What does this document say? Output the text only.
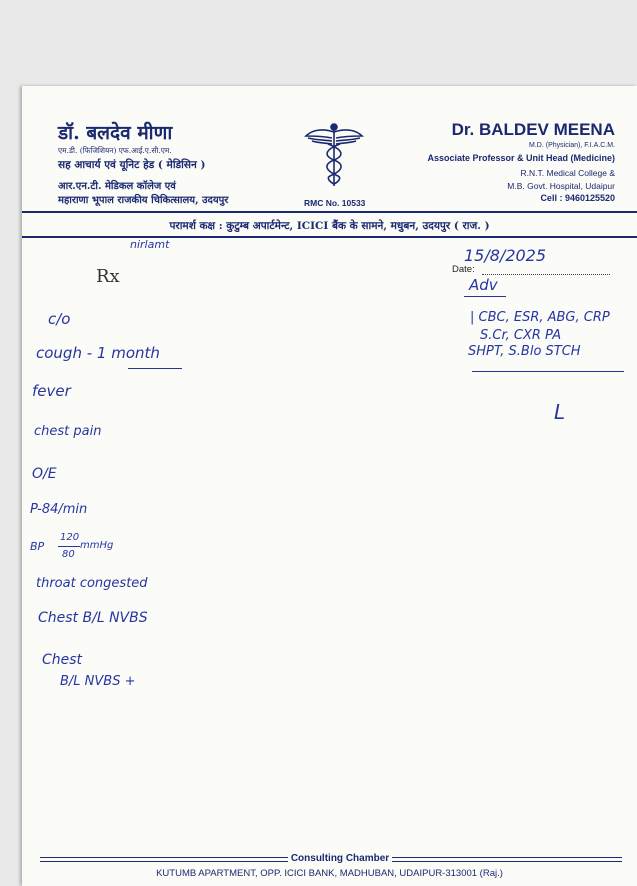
डॉ. बलदेव मीणा
एम.डी. (फिजिशियन) एफ.आई.ए.सी.एम.
सह आचार्य एवं यूनिट हेड ( मेडिसिन )
आर.एन.टी. मेडिकल कॉलेज एवं
महाराणा भूपाल राजकीय चिकित्सालय, उदयपुर	RMC No. 10533
Dr. BALDEV MEENA
M.D. (Physician), F.I.A.C.M.
Associate Professor & Unit Head (Medicine)
R.N.T. Medical College &
M.B. Govt. Hospital, Udaipur
Cell : 9460125520
परामर्श कक्ष : कुटुम्ब अपार्टमेन्ट, ICICI बैंक के सामने, मधुबन, उदयपुर ( राज. )
Rx	Date:
nirlamt
15/8/2025
Adv
| CBC, ESR, ABG, CRP
S.Cr, CXR PA
SHPT, S.Blo STCH
L
c/o
cough - 1 month
fever
chest pain
O/E
P-84/min
BP
120
80
mmHg
throat congested
Chest B/L NVBS
Chest
B/L NVBS +
Consulting Chamber
KUTUMB APARTMENT, OPP. ICICI BANK, MADHUBAN, UDAIPUR-313001 (Raj.)
